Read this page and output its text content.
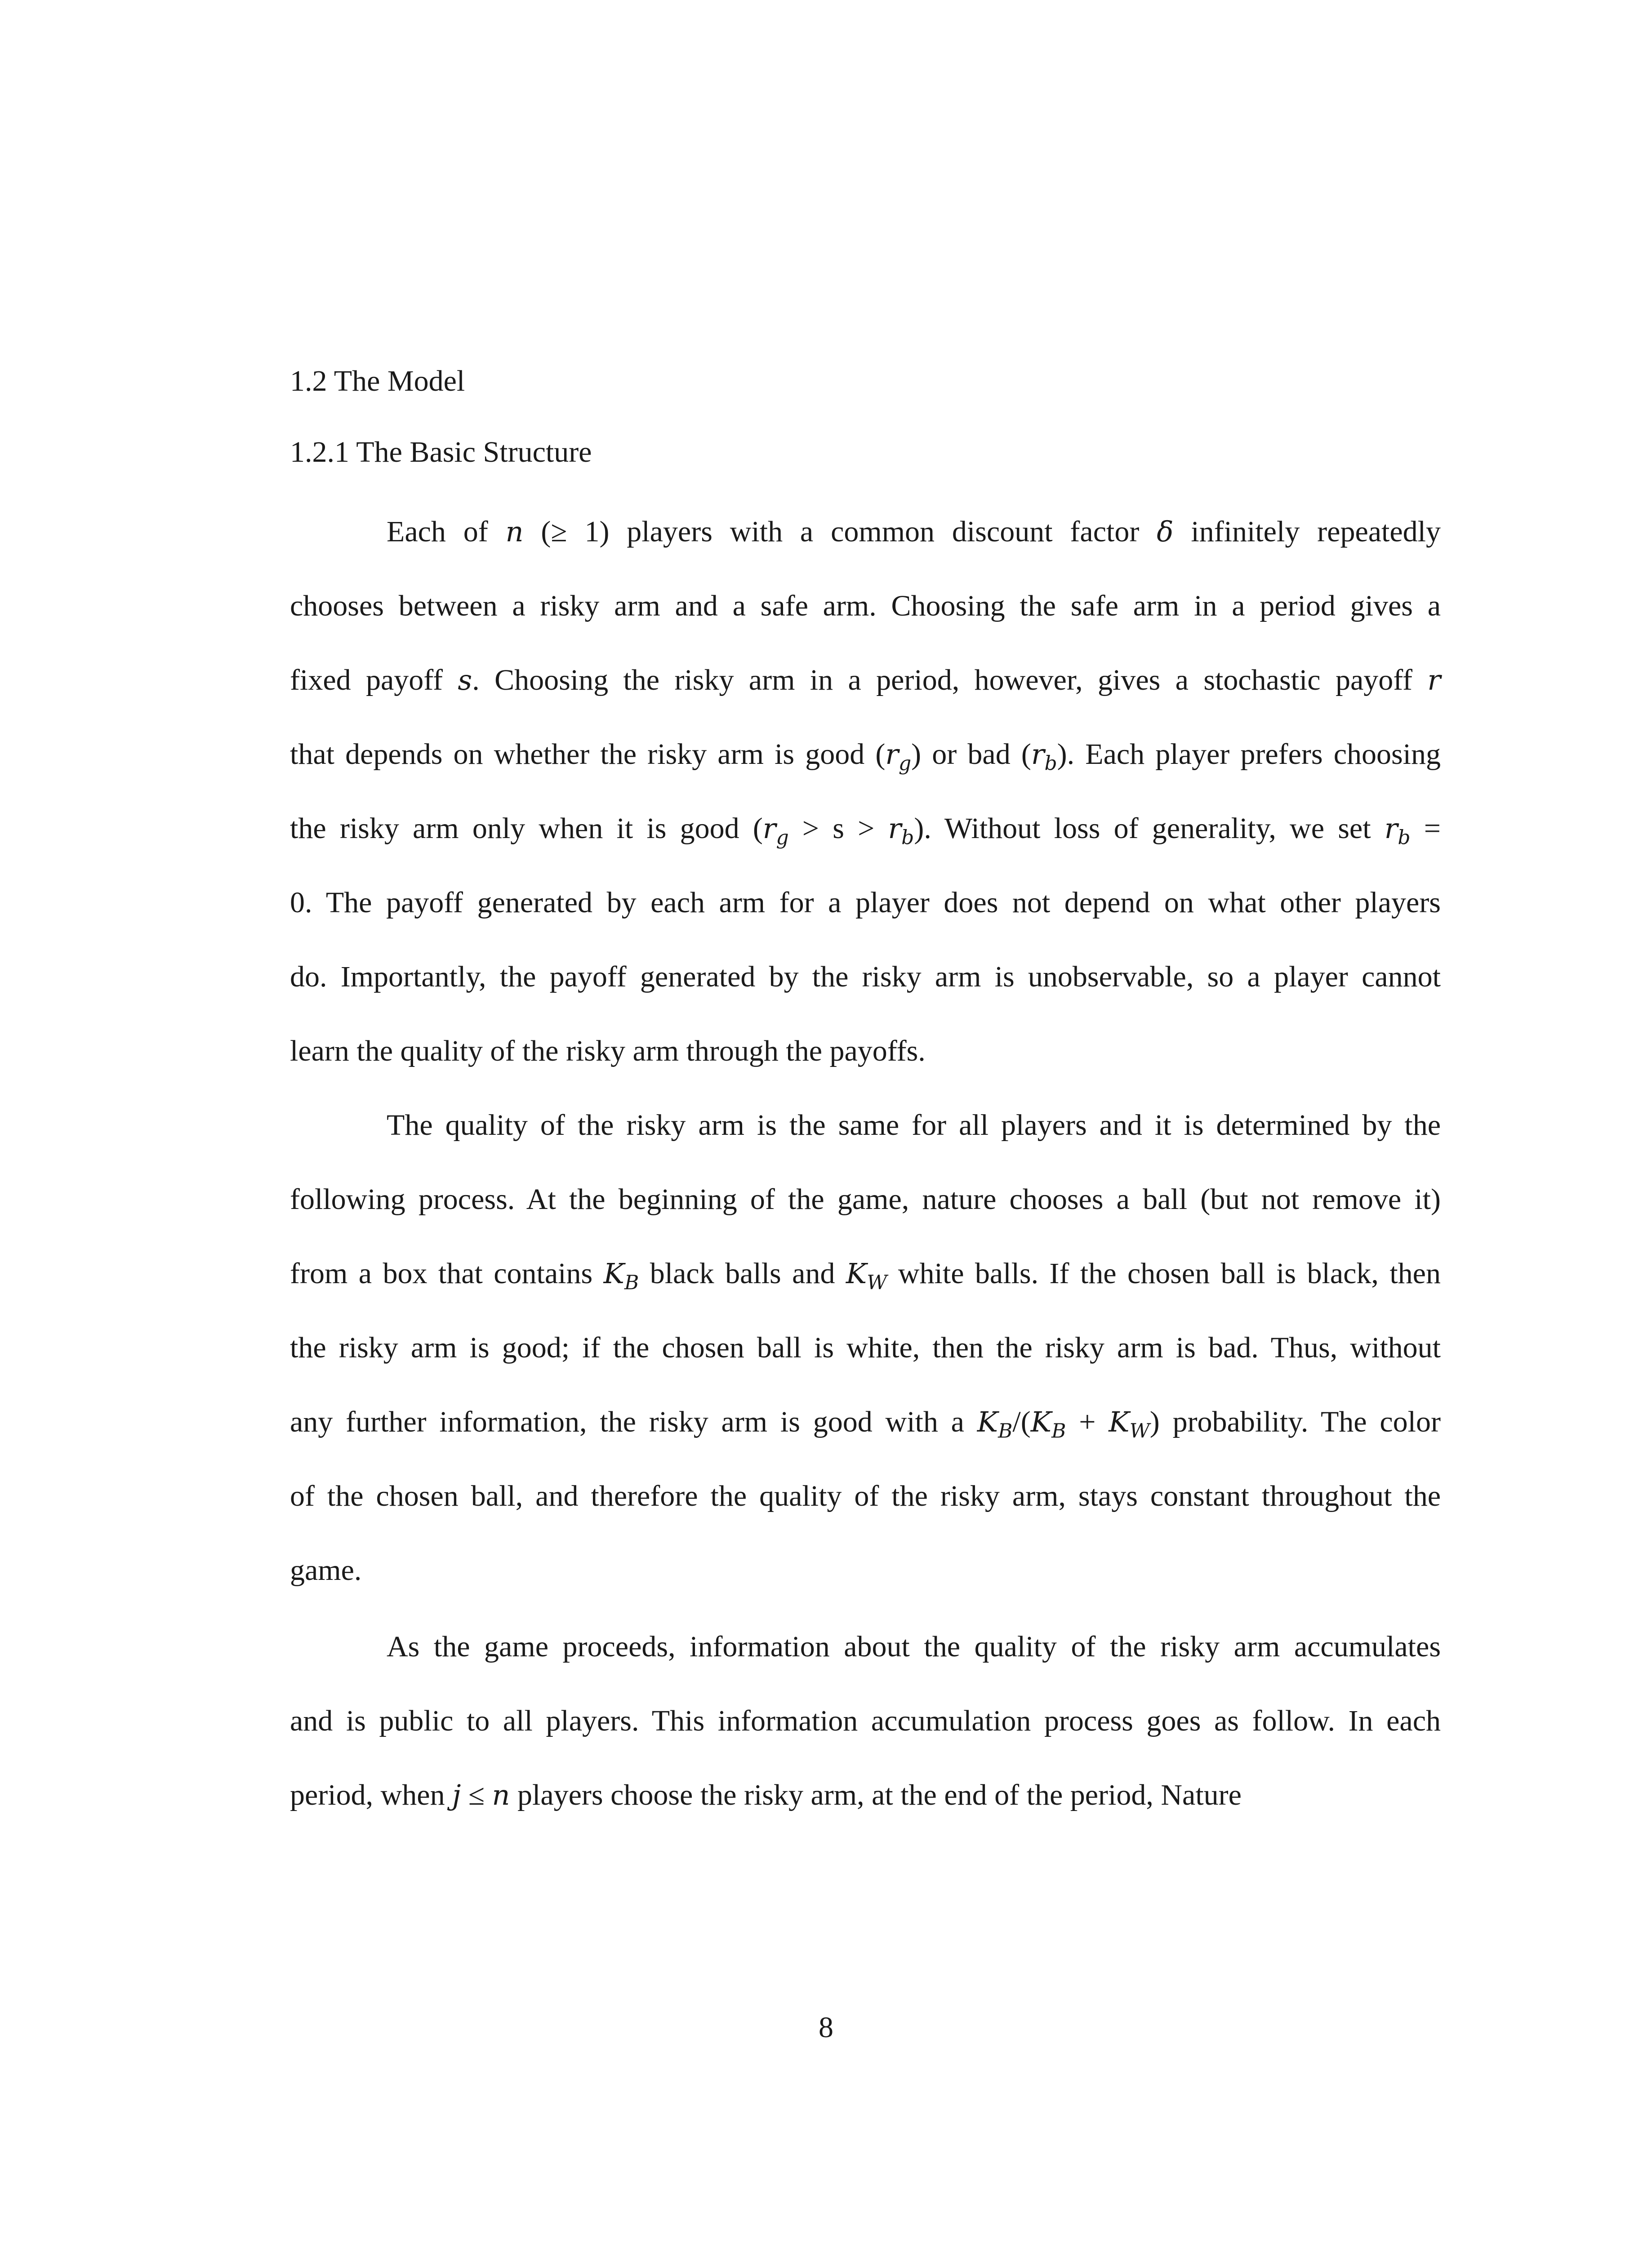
1.2 The Model
1.2.1 The Basic Structure
Each of n (≥ 1) players with a common discount factor δ infinitely repeatedly
chooses between a risky arm and a safe arm. Choosing the safe arm in a period gives a
fixed payoff s. Choosing the risky arm in a period, however, gives a stochastic payoff r
that depends on whether the risky arm is good $(r_g)$ or bad $(r_b)$. Each player prefers choosing
the risky arm only when it is good $(r_g > s > r_b)$. Without loss of generality, we set $r_b$ =
0. The payoff generated by each arm for a player does not depend on what other players
do. Importantly, the payoff generated by the risky arm is unobservable, so a player cannot
learn the quality of the risky arm through the payoffs.
The quality of the risky arm is the same for all players and it is determined by the
following process. At the beginning of the game, nature chooses a ball (but not remove it)
from a box that contains $K_B$ black balls and $K_W$ white balls. If the chosen ball is black, then
the risky arm is good; if the chosen ball is white, then the risky arm is bad. Thus, without
any further information, the risky arm is good with a $K_B/(K_B + K_W)$ probability. The color
of the chosen ball, and therefore the quality of the risky arm, stays constant throughout the
game.
As the game proceeds, information about the quality of the risky arm accumulates
and is public to all players. This information accumulation process goes as follow. In each
period, when j ≤ n players choose the risky arm, at the end of the period, Nature
8
